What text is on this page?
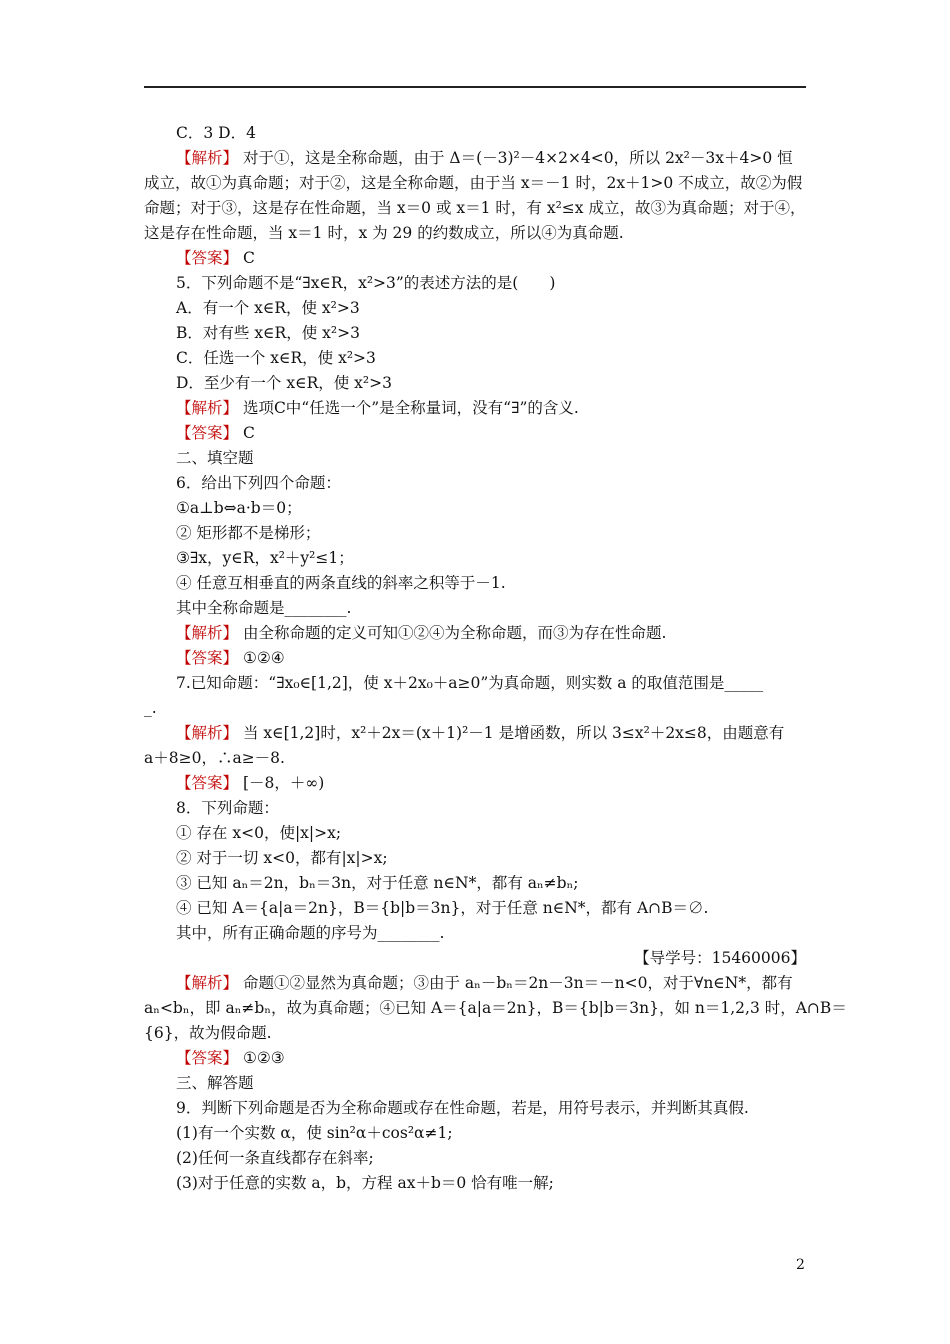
C．3 D．4
【解析】 对于①，这是全称命题，由于 Δ＝(－3)²－4×2×4<0，所以 2x²－3x＋4>0 恒
成立，故①为真命题；对于②，这是全称命题，由于当 x＝－1 时，2x＋1>0 不成立，故②为假
命题；对于③，这是存在性命题，当 x＝0 或 x＝1 时，有 x²≤x 成立，故③为真命题；对于④，
这是存在性命题，当 x＝1 时，x 为 29 的约数成立，所以④为真命题.
【答案】 C
5．下列命题不是“∃x∈R，x²>3”的表述方法的是(　　)
A．有一个 x∈R，使 x²>3
B．对有些 x∈R，使 x²>3
C．任选一个 x∈R，使 x²>3
D．至少有一个 x∈R，使 x²>3
【解析】 选项C中“任选一个”是全称量词，没有“∃”的含义.
【答案】 C
二、填空题
6．给出下列四个命题：
①a⊥b⇔a·b＝0；
② 矩形都不是梯形；
③∃x，y∈R，x²＋y²≤1；
④ 任意互相垂直的两条直线的斜率之积等于－1.
其中全称命题是________.
【解析】 由全称命题的定义可知①②④为全称命题，而③为存在性命题.
【答案】 ①②④
7.已知命题：“∃x₀∈[1,2]，使 x＋2x₀＋a≥0”为真命题，则实数 a 的取值范围是_____
_.
【解析】 当 x∈[1,2]时，x²＋2x＝(x＋1)²－1 是增函数，所以 3≤x²＋2x≤8，由题意有
a＋8≥0，∴a≥－8.
【答案】 [－8，＋∞)
8．下列命题：
① 存在 x<0，使|x|>x;
② 对于一切 x<0，都有|x|>x;
③ 已知 aₙ＝2n，bₙ＝3n，对于任意 n∈N*，都有 aₙ≠bₙ;
④ 已知 A＝{a|a＝2n}，B＝{b|b＝3n}，对于任意 n∈N*，都有 A∩B＝∅.
其中，所有正确命题的序号为________.
【导学号：15460006】
【解析】 命题①②显然为真命题；③由于 aₙ－bₙ＝2n－3n＝－n<0，对于∀n∈N*，都有
aₙ<bₙ，即 aₙ≠bₙ，故为真命题；④已知 A＝{a|a＝2n}，B＝{b|b＝3n}，如 n＝1,2,3 时，A∩B＝
{6}，故为假命题.
【答案】 ①②③
三、解答题
9．判断下列命题是否为全称命题或存在性命题，若是，用符号表示，并判断其真假.
(1)有一个实数 α，使 sin²α＋cos²α≠1;
(2)任何一条直线都存在斜率;
(3)对于任意的实数 a，b，方程 ax＋b＝0 恰有唯一解;
2
